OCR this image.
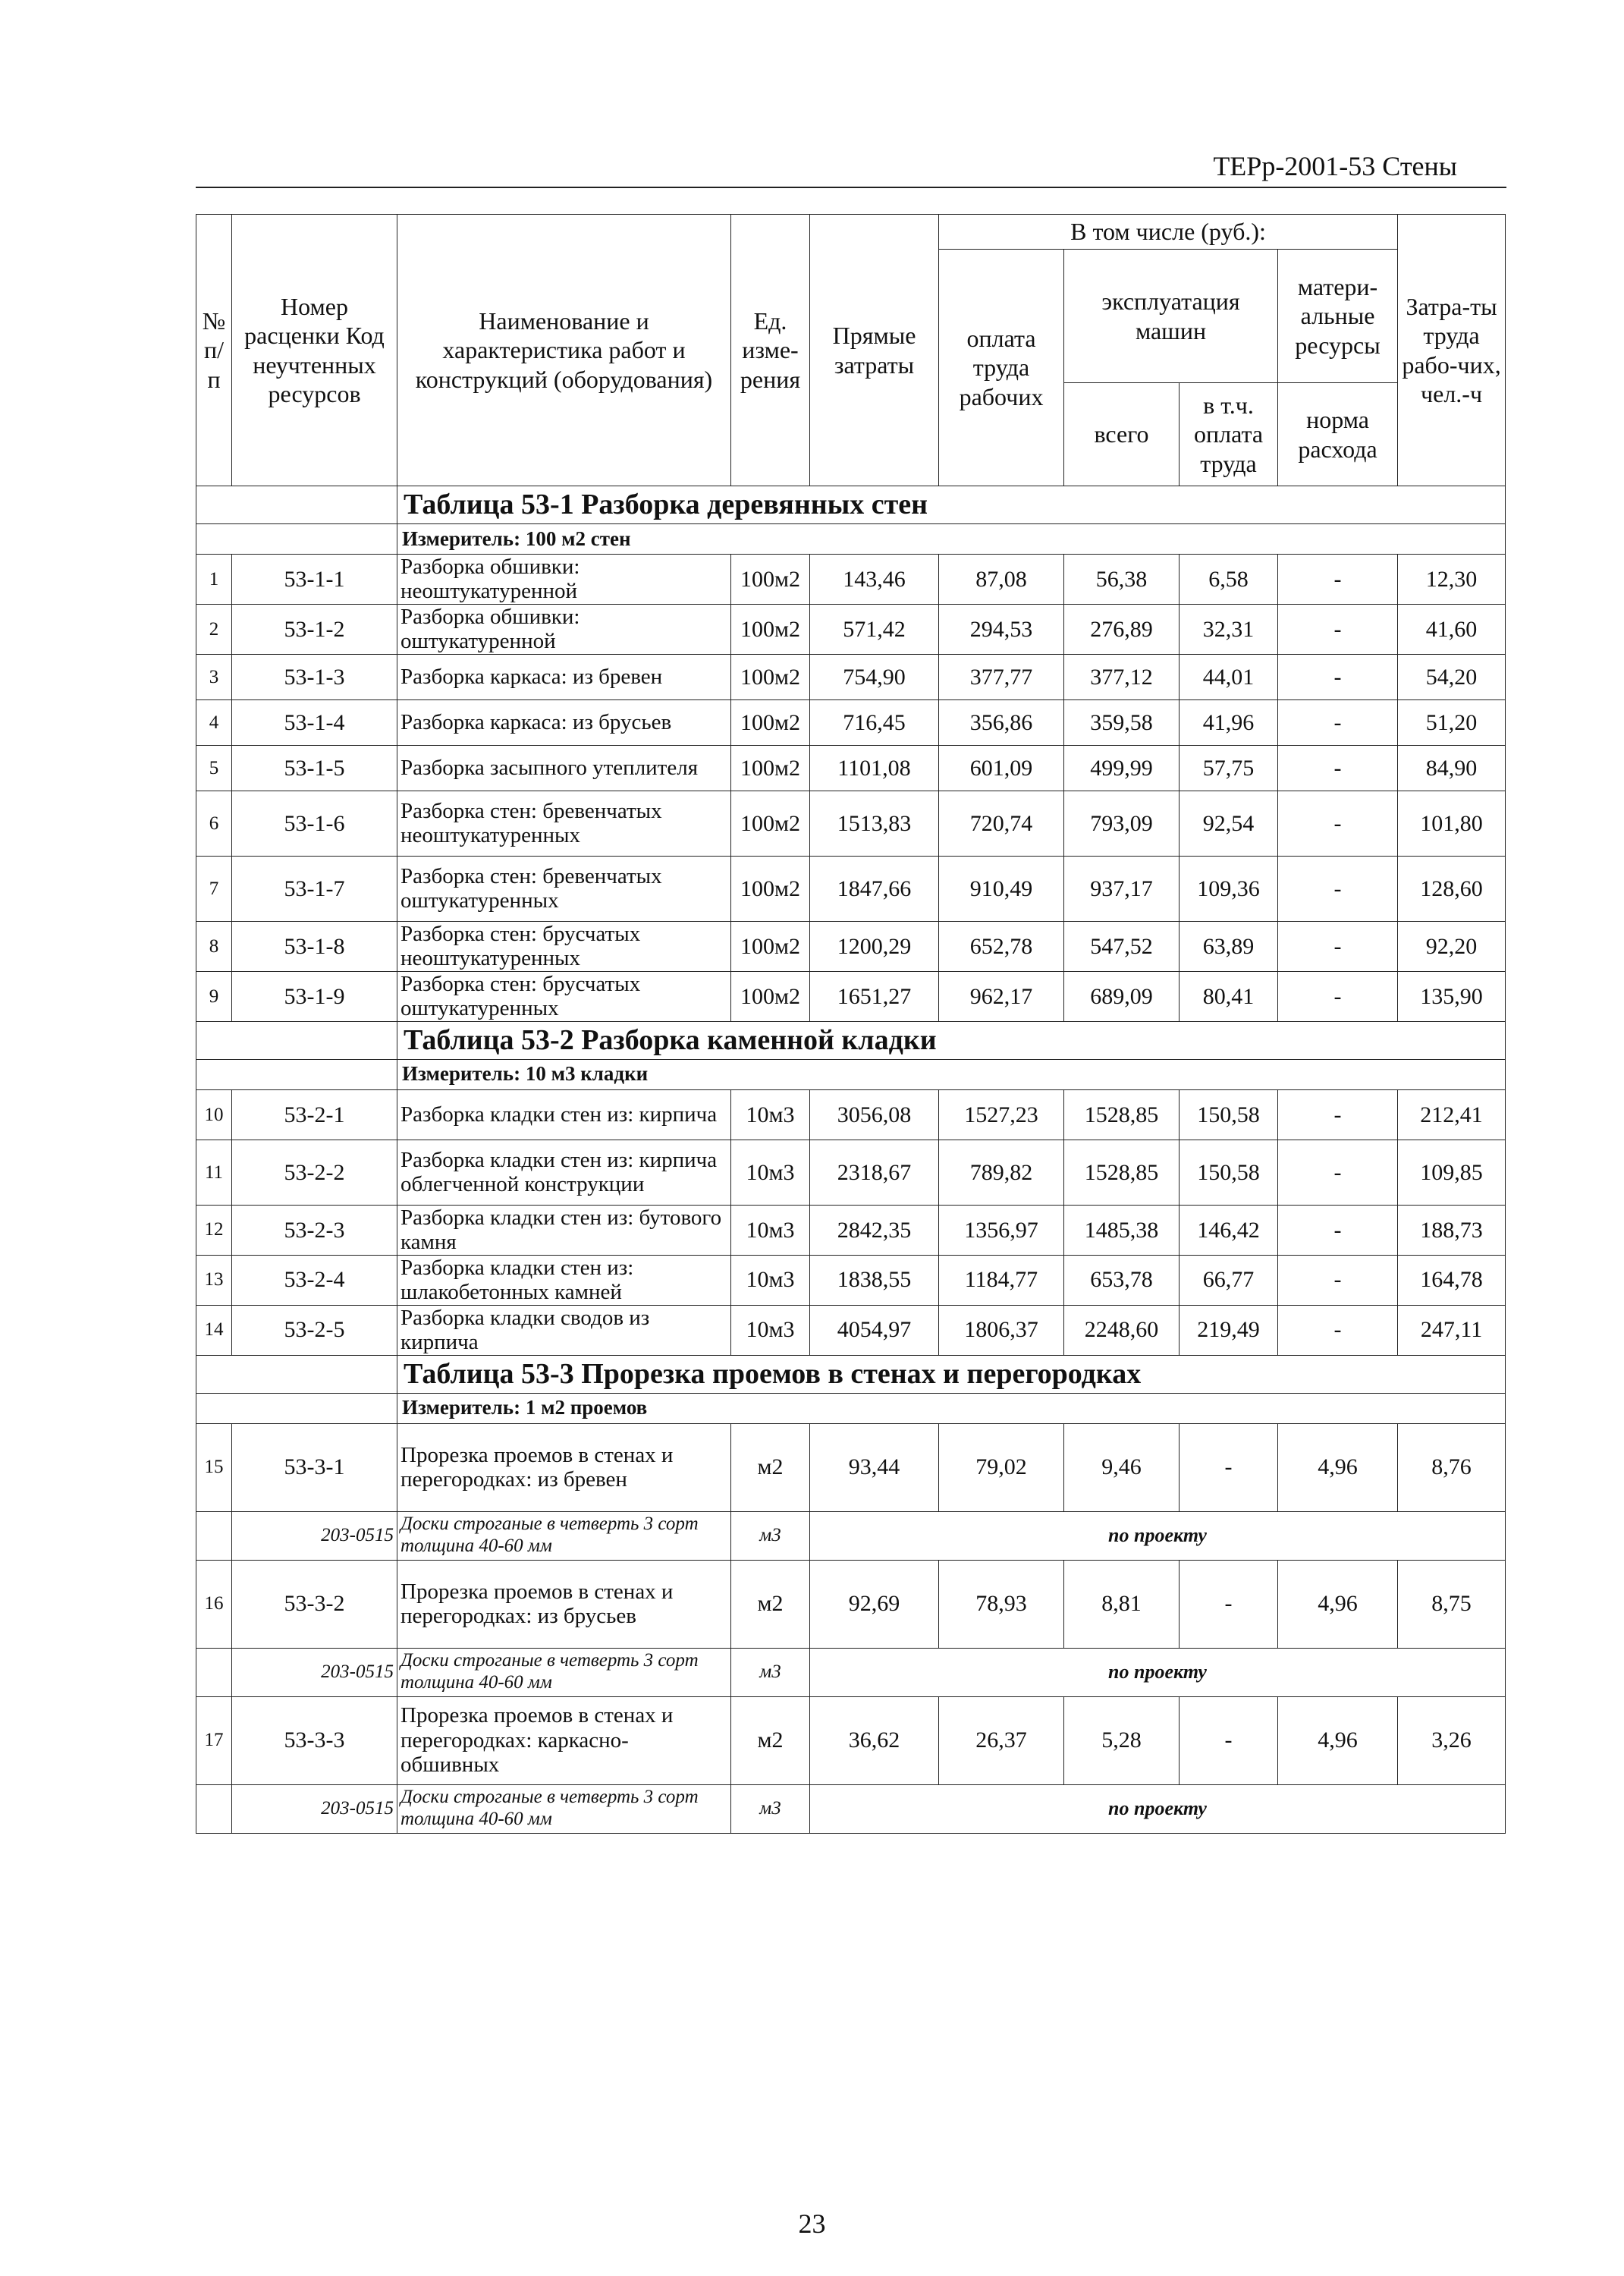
ТЕРр-2001-53 Стены
№ п/п	Номер расценки Код неучтенных ресурсов	Наименование и характеристика работ и конструкций (оборудования)	Ед. изме-рения	Прямые затраты	В том числе (руб.):				Затра-ты труда рабо-чих, чел.-ч
					оплата труда рабочих	эксплуатация машин		матери-альные ресурсы	
						всего	в т.ч. оплата труда	норма расхода	
		Таблица 53-1 Разборка деревянных стен							
		Измеритель: 100 м2 стен							
1	53-1-1	Разборка обшивки: неоштукатуренной	100м2	143,46	87,08	56,38	6,58	-	12,30
2	53-1-2	Разборка обшивки: оштукатуренной	100м2	571,42	294,53	276,89	32,31	-	41,60
3	53-1-3	Разборка каркаса: из бревен	100м2	754,90	377,77	377,12	44,01	-	54,20
4	53-1-4	Разборка каркаса: из брусьев	100м2	716,45	356,86	359,58	41,96	-	51,20
5	53-1-5	Разборка засыпного утеплителя	100м2	1101,08	601,09	499,99	57,75	-	84,90
6	53-1-6	Разборка стен: бревенчатых неоштукатуренных	100м2	1513,83	720,74	793,09	92,54	-	101,80
7	53-1-7	Разборка стен: бревенчатых оштукатуренных	100м2	1847,66	910,49	937,17	109,36	-	128,60
8	53-1-8	Разборка стен: брусчатых неоштукатуренных	100м2	1200,29	652,78	547,52	63,89	-	92,20
9	53-1-9	Разборка стен: брусчатых оштукатуренных	100м2	1651,27	962,17	689,09	80,41	-	135,90
		Таблица 53-2 Разборка каменной кладки							
		Измеритель: 10 м3 кладки							
10	53-2-1	Разборка кладки стен из: кирпича	10м3	3056,08	1527,23	1528,85	150,58	-	212,41
11	53-2-2	Разборка кладки стен из: кирпича облегченной конструкции	10м3	2318,67	789,82	1528,85	150,58	-	109,85
12	53-2-3	Разборка кладки стен из: бутового камня	10м3	2842,35	1356,97	1485,38	146,42	-	188,73
13	53-2-4	Разборка кладки стен из: шлакобетонных камней	10м3	1838,55	1184,77	653,78	66,77	-	164,78
14	53-2-5	Разборка кладки сводов из кирпича	10м3	4054,97	1806,37	2248,60	219,49	-	247,11
		Таблица 53-3 Прорезка проемов в стенах и перегородках							
		Измеритель: 1 м2 проемов							
15	53-3-1	Прорезка проемов в стенах и перегородках: из бревен	м2	93,44	79,02	9,46	-	4,96	8,76
	203-0515	Доски строганые в четверть 3 сорт толщина 40-60 мм	м3	по проекту					
16	53-3-2	Прорезка проемов в стенах и перегородках: из брусьев	м2	92,69	78,93	8,81	-	4,96	8,75
	203-0515	Доски строганые в четверть 3 сорт толщина 40-60 мм	м3	по проекту					
17	53-3-3	Прорезка проемов в стенах и перегородках: каркасно-обшивных	м2	36,62	26,37	5,28	-	4,96	3,26
	203-0515	Доски строганые в четверть 3 сорт толщина 40-60 мм	м3	по проекту					
23
